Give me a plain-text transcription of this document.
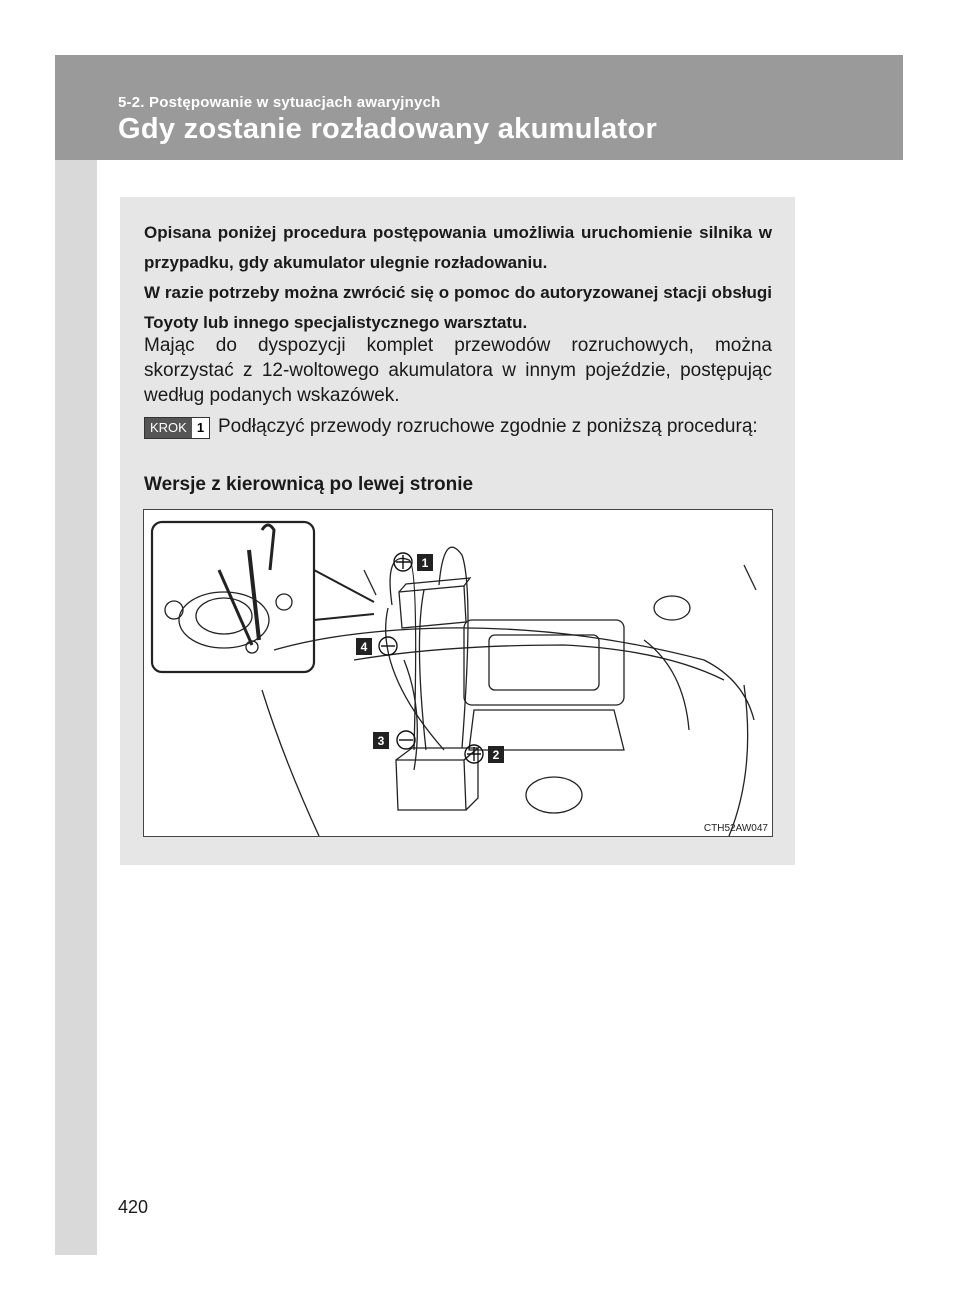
5-2. Postępowanie w sytuacjach awaryjnych
Gdy zostanie rozładowany akumulator

Opisana poniżej procedura postępowania umożliwia uruchomienie silnika w przypadku, gdy akumulator ulegnie rozładowaniu.

W razie potrzeby można zwrócić się o pomoc do autoryzowanej stacji obsługi Toyoty lub innego specjalistycznego warsztatu.

Mając do dyspozycji komplet przewodów rozruchowych, można skorzystać z 12-woltowego akumulatora w innym pojeździe, postępując według podanych wskazówek.
KROK 1 Podłączyć przewody rozruchowe zgodnie z poniższą procedurą:
Wersje z kierownicą po lewej stronie
1
2
3
4
CTH52AW047
420
